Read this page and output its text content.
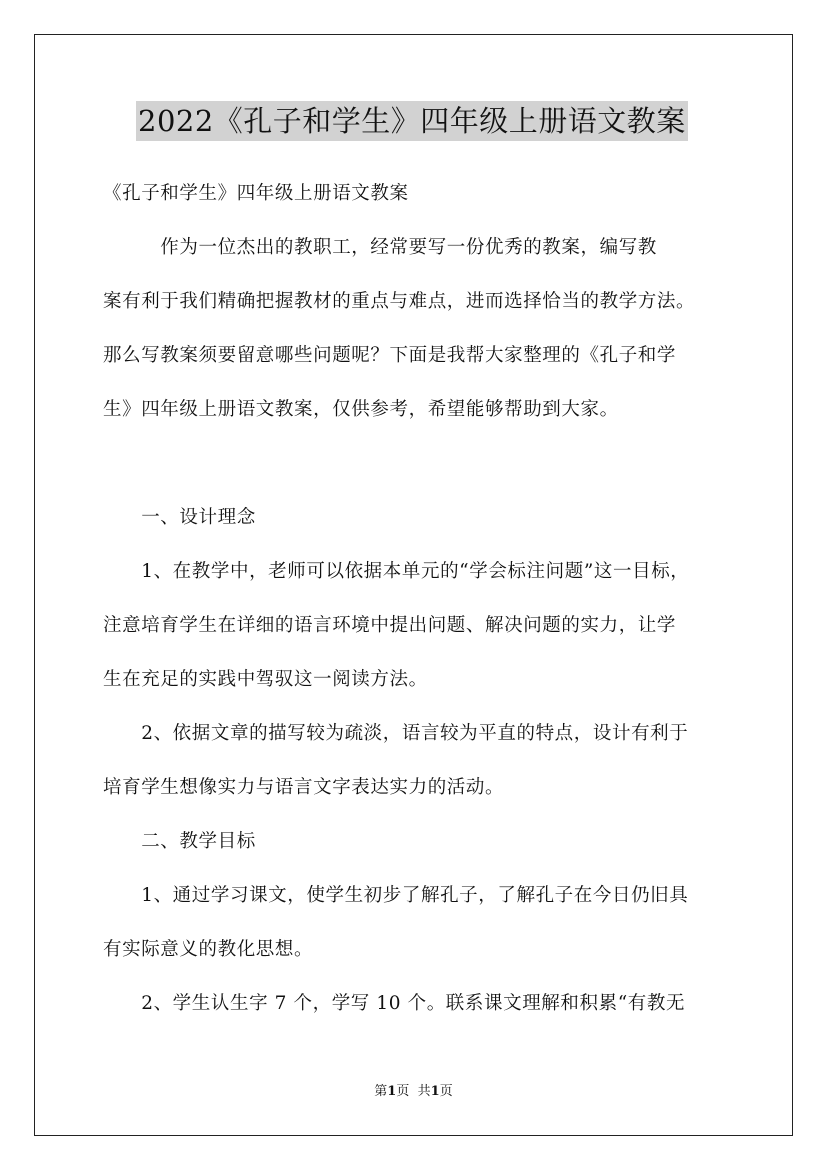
2022《孔子和学生》四年级上册语文教案
《孔子和学生》四年级上册语文教案
　　　作为一位杰出的教职工，经常要写一份优秀的教案，编写教
案有利于我们精确把握教材的重点与难点，进而选择恰当的教学方法。
那么写教案须要留意哪些问题呢？下面是我帮大家整理的《孔子和学
生》四年级上册语文教案，仅供参考，希望能够帮助到大家。
　　一、设计理念
　　1、在教学中，老师可以依据本单元的“学会标注问题”这一目标，
注意培育学生在详细的语言环境中提出问题、解决问题的实力，让学
生在充足的实践中驾驭这一阅读方法。
　　2、依据文章的描写较为疏淡，语言较为平直的特点，设计有利于
培育学生想像实力与语言文字表达实力的活动。
　　二、教学目标
　　1、通过学习课文，使学生初步了解孔子，了解孔子在今日仍旧具
有实际意义的教化思想。
　　2、学生认生字 7 个，学写 10 个。联系课文理解和积累“有教无
第1页 共1页
